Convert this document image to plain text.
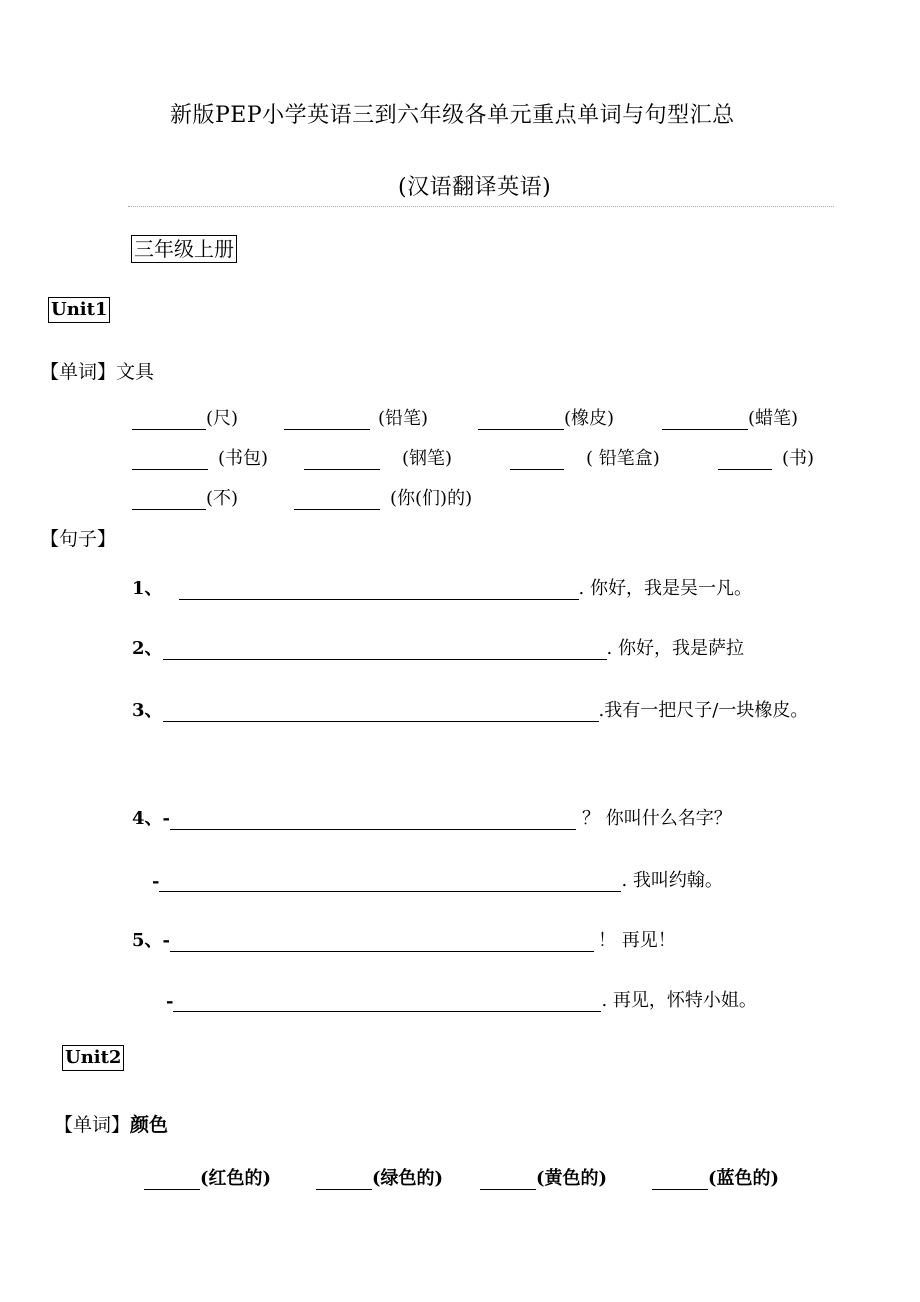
新版PEP小学英语三到六年级各单元重点单词与句型汇总
(汉语翻译英语)
三年级上册
Unit1
【单词】文具
(尺)	(铅笔)	(橡皮)	(蜡笔)
(书包)	(钢笔)	( 铅笔盒)	(书)
(不)	(你(们)的)
【句子】
1、	. 你好，我是吴一凡。
2、	. 你好，我是萨拉
3、	.我有一把尺子/一块橡皮。
4、-	？ 你叫什么名字？
-	. 我叫约翰。
5、-	！ 再见！
-	. 再见，怀特小姐。
Unit2
【单词】颜色
(红色的)	(绿色的)	(黄色的)	(蓝色的)
